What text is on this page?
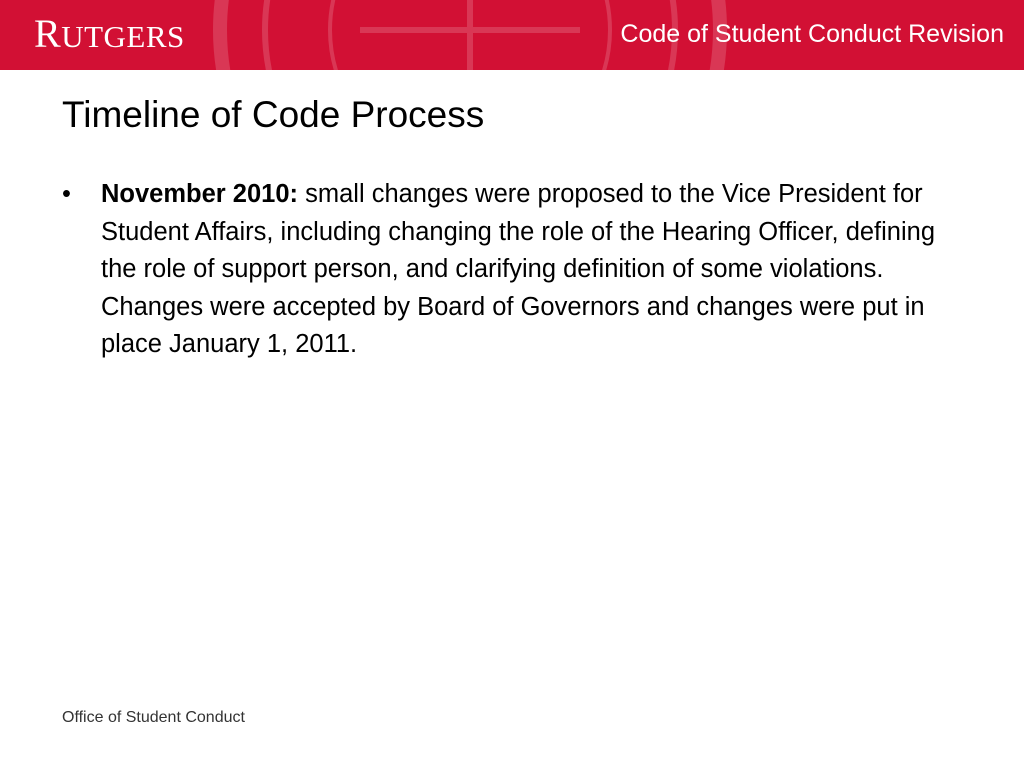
RUTGERS	Code of Student Conduct Revision
Timeline of Code Process
• November 2010: small changes were proposed to the Vice President for Student Affairs, including changing the role of the Hearing Officer, defining the role of support person, and clarifying definition of some violations. Changes were accepted by Board of Governors and changes were put in place January 1, 2011.
Office of Student Conduct
